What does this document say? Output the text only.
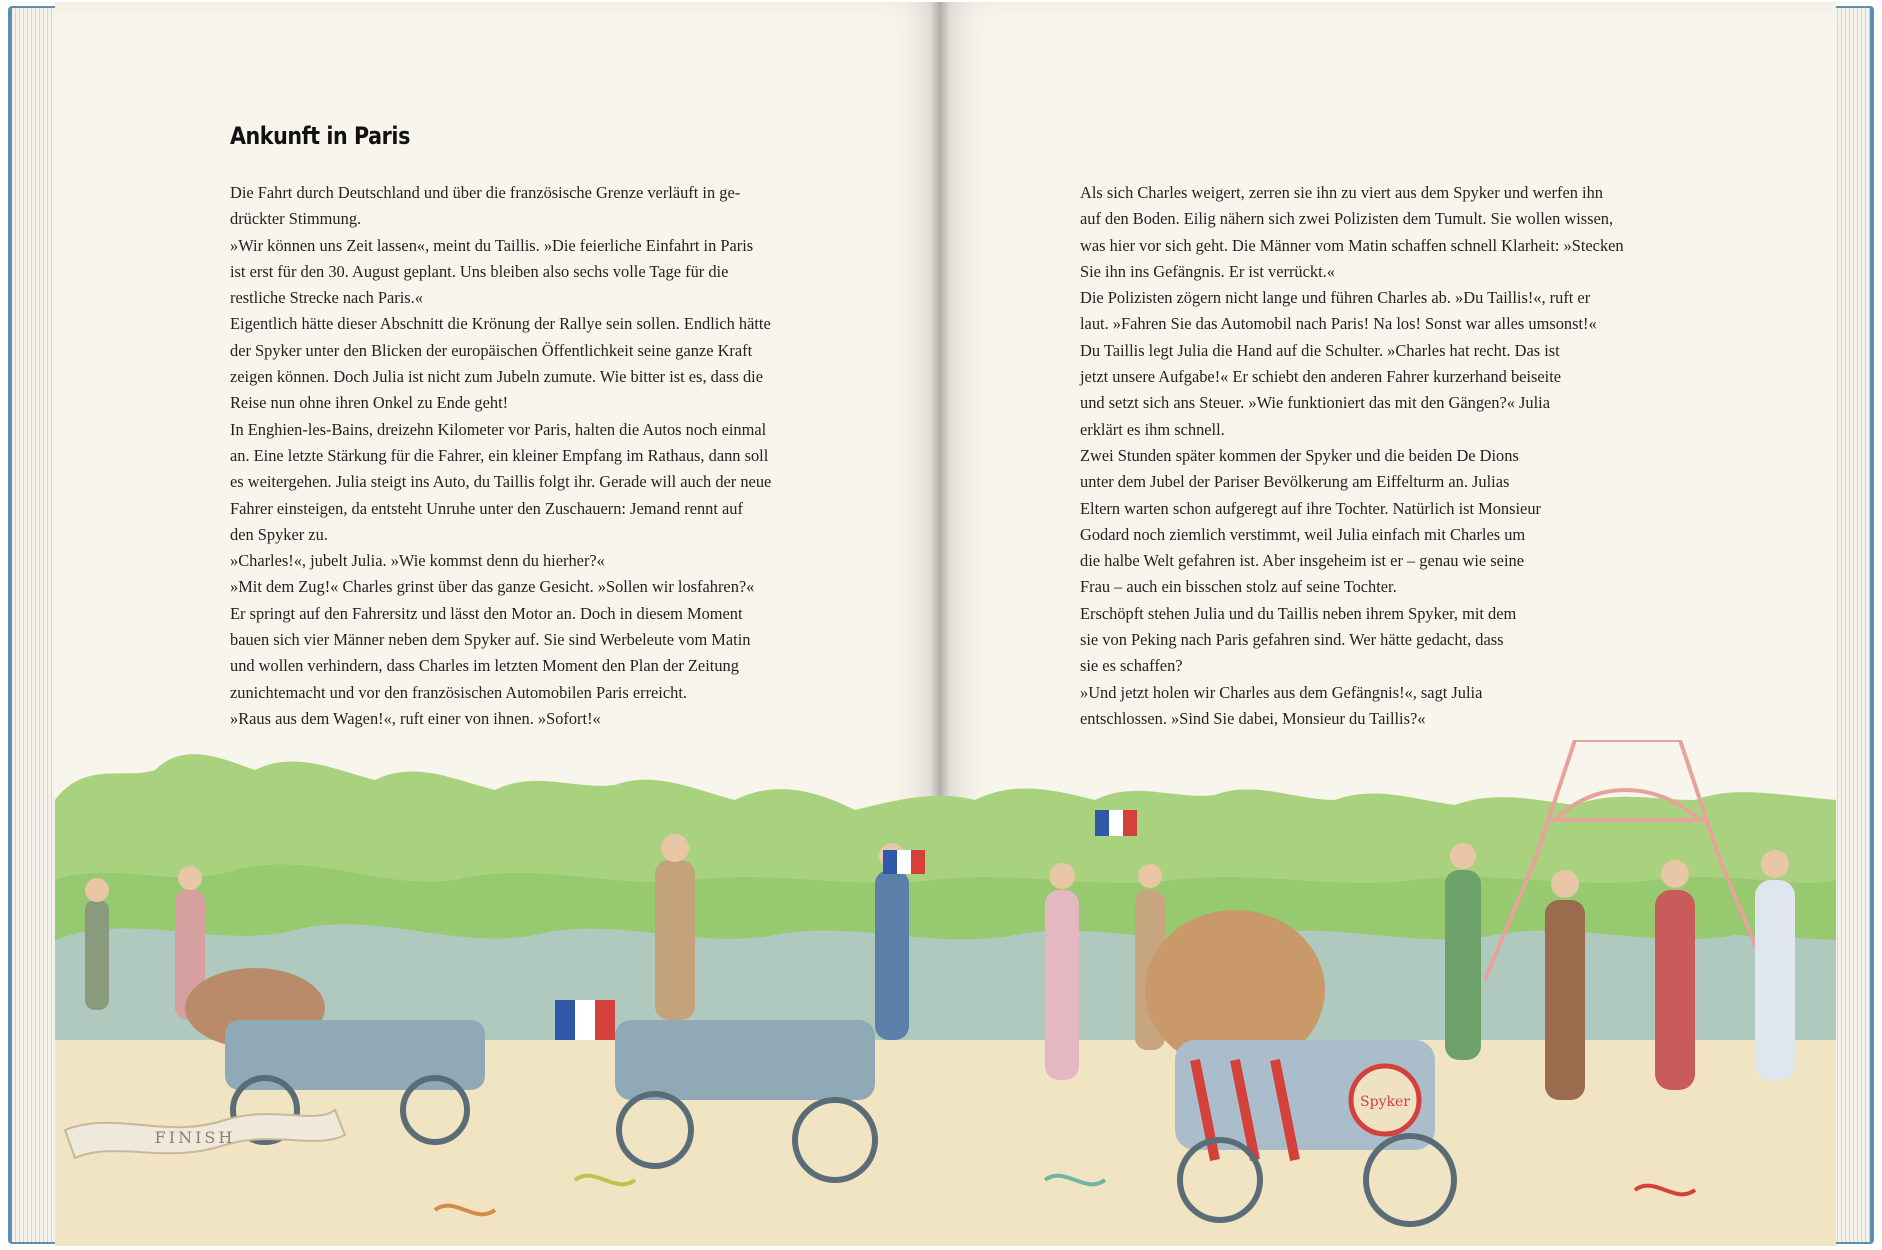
Ankunft in Paris

Die Fahrt durch Deutschland und über die französische Grenze verläuft in ge-
drückter Stimmung.
»Wir können uns Zeit lassen«, meint du Taillis. »Die feierliche Einfahrt in Paris
ist erst für den 30. August geplant. Uns bleiben also sechs volle Tage für die
restliche Strecke nach Paris.«
Eigentlich hätte dieser Abschnitt die Krönung der Rallye sein sollen. Endlich hätte
der Spyker unter den Blicken der europäischen Öffentlichkeit seine ganze Kraft
zeigen können. Doch Julia ist nicht zum Jubeln zumute. Wie bitter ist es, dass die
Reise nun ohne ihren Onkel zu Ende geht!
In Enghien-les-Bains, dreizehn Kilometer vor Paris, halten die Autos noch einmal
an. Eine letzte Stärkung für die Fahrer, ein kleiner Empfang im Rathaus, dann soll
es weitergehen. Julia steigt ins Auto, du Taillis folgt ihr. Gerade will auch der neue
Fahrer einsteigen, da entsteht Unruhe unter den Zuschauern: Jemand rennt auf
den Spyker zu.
»Charles!«, jubelt Julia. »Wie kommst denn du hierher?«
»Mit dem Zug!« Charles grinst über das ganze Gesicht. »Sollen wir losfahren?«
Er springt auf den Fahrersitz und lässt den Motor an. Doch in diesem Moment
bauen sich vier Männer neben dem Spyker auf. Sie sind Werbeleute vom Matin
und wollen verhindern, dass Charles im letzten Moment den Plan der Zeitung
zunichtemacht und vor den französischen Automobilen Paris erreicht.
»Raus aus dem Wagen!«, ruft einer von ihnen. »Sofort!«

Als sich Charles weigert, zerren sie ihn zu viert aus dem Spyker und werfen ihn
auf den Boden. Eilig nähern sich zwei Polizisten dem Tumult. Sie wollen wissen,
was hier vor sich geht. Die Männer vom Matin schaffen schnell Klarheit: »Stecken
Sie ihn ins Gefängnis. Er ist verrückt.«
Die Polizisten zögern nicht lange und führen Charles ab. »Du Taillis!«, ruft er
laut. »Fahren Sie das Automobil nach Paris! Na los! Sonst war alles umsonst!«
Du Taillis legt Julia die Hand auf die Schulter. »Charles hat recht. Das ist
jetzt unsere Aufgabe!« Er schiebt den anderen Fahrer kurzerhand beiseite
und setzt sich ans Steuer. »Wie funktioniert das mit den Gängen?« Julia
erklärt es ihm schnell.
Zwei Stunden später kommen der Spyker und die beiden De Dions
unter dem Jubel der Pariser Bevölkerung am Eiffelturm an. Julias
Eltern warten schon aufgeregt auf ihre Tochter. Natürlich ist Monsieur
Godard noch ziemlich verstimmt, weil Julia einfach mit Charles um
die halbe Welt gefahren ist. Aber insgeheim ist er – genau wie seine
Frau – auch ein bisschen stolz auf seine Tochter.
Erschöpft stehen Julia und du Taillis neben ihrem Spyker, mit dem
sie von Peking nach Paris gefahren sind. Wer hätte gedacht, dass
sie es schaffen?
»Und jetzt holen wir Charles aus dem Gefängnis!«, sagt Julia
entschlossen. »Sind Sie dabei, Monsieur du Taillis?«

Spyker
FINISH
